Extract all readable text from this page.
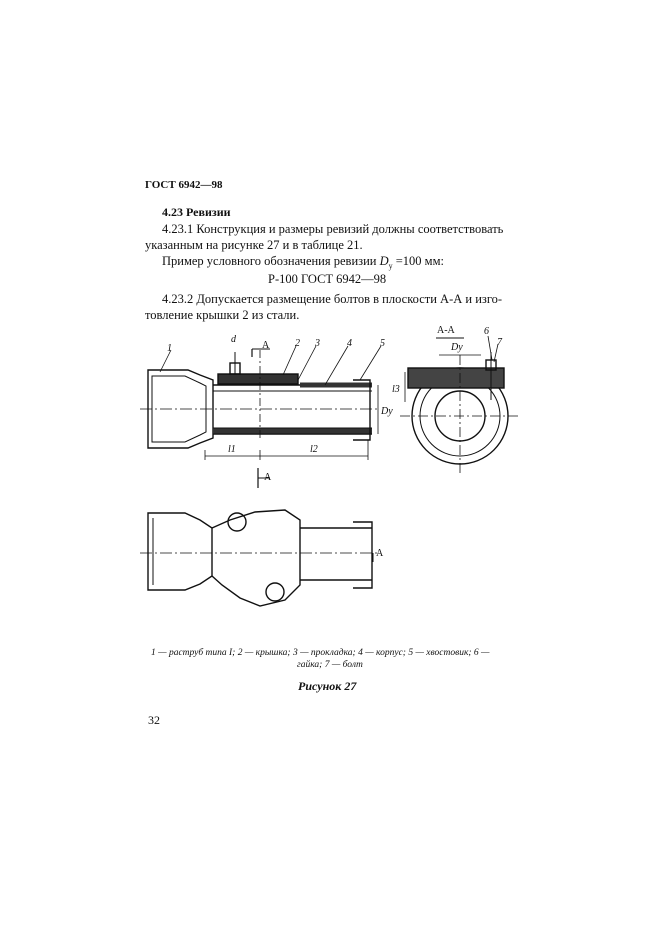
ГОСТ 6942—98
4.23 Ревизии
4.23.1 Конструкция и размеры ревизий должны соответствовать
указанным на рисунке 27 и в таблице 21.
Пример условного обозначения ревизии $D_у =100$ мм:
Р-100 ГОСТ 6942—98
4.23.2 Допускается размещение болтов в плоскости А-А и изго-
товление крышки 2 из стали.
1
d
А	2 3	4	5
Dу
l1	l2
А
А
А-А	6
7
Dу
l3
1 — раструб типа I; 2 — крышка; 3 — прокладка; 4 — корпус; 5 — хвостовик; 6 —
гайка; 7 — болт
Рисунок 27
32
